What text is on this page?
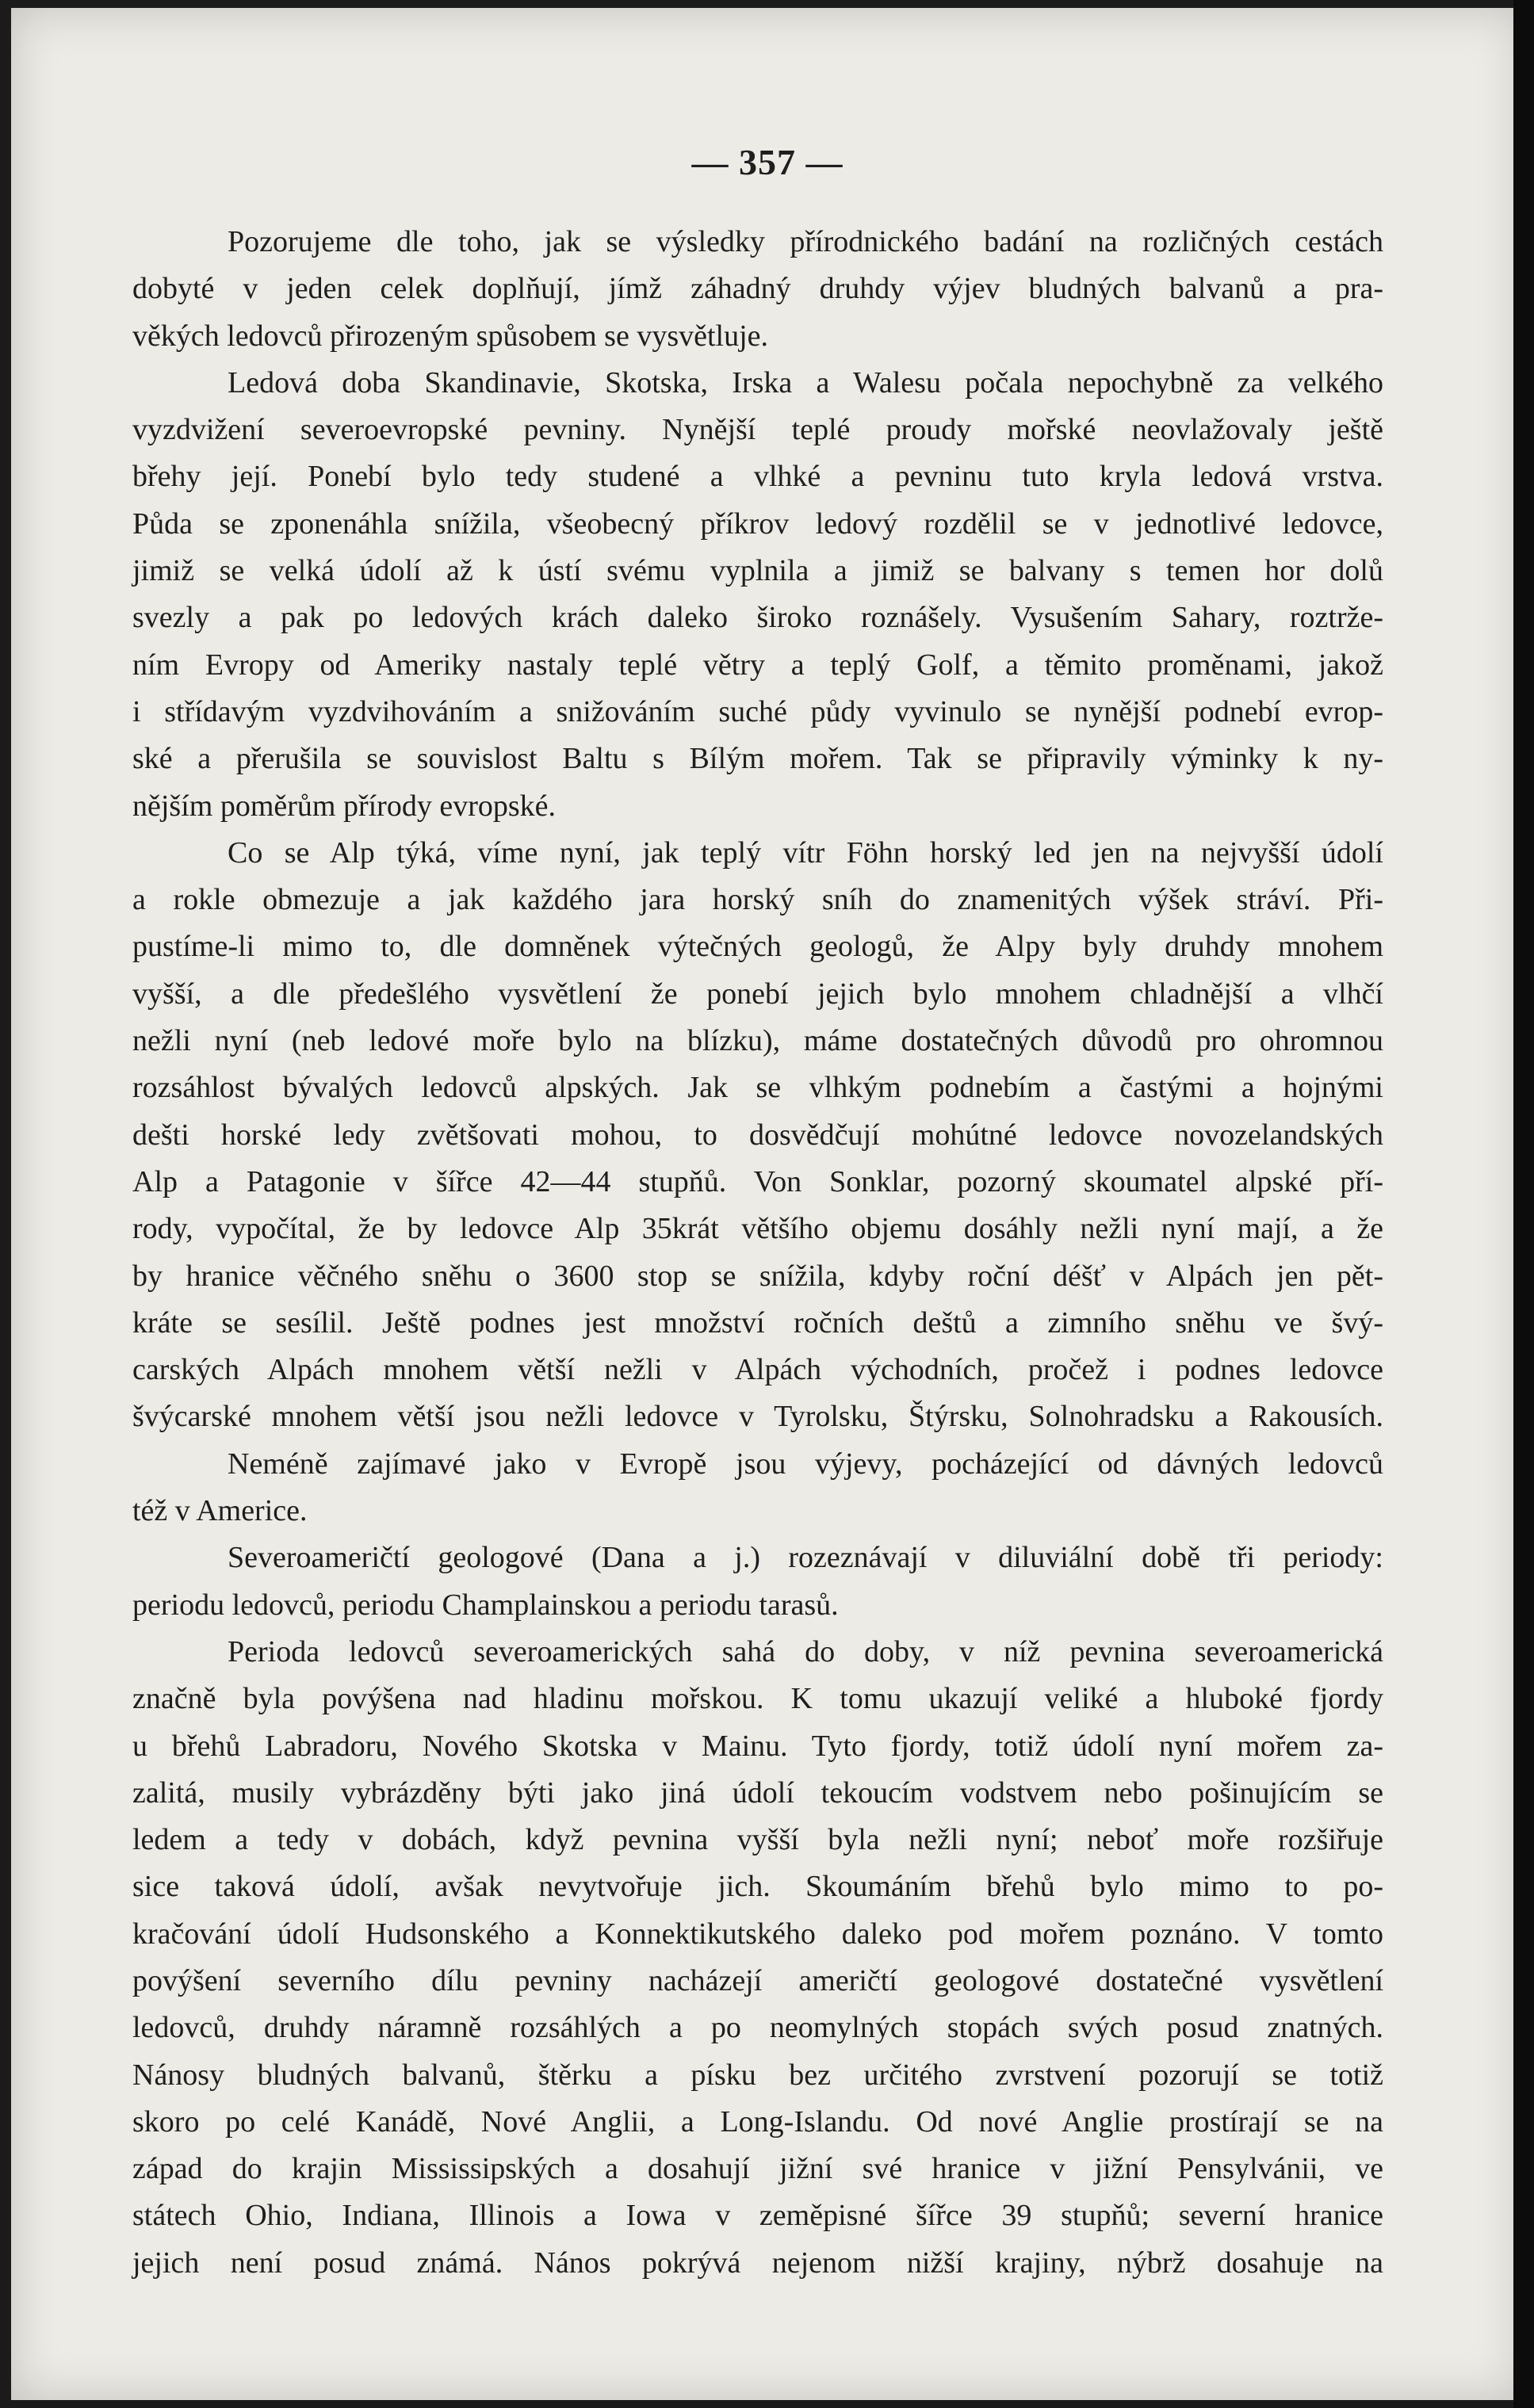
— 357 —
Pozorujeme dle toho, jak se výsledky přírodnického badání na rozličných cestách
dobyté v jeden celek doplňují, jímž záhadný druhdy výjev bludných balvanů a pra-
věkých ledovců přirozeným spůsobem se vysvětluje.
Ledová doba Skandinavie, Skotska, Irska a Walesu počala nepochybně za velkého
vyzdvižení severoevropské pevniny. Nynější teplé proudy mořské neovlažovaly ještě
břehy její. Ponebí bylo tedy studené a vlhké a pevninu tuto kryla ledová vrstva.
Půda se zponenáhla snížila, všeobecný příkrov ledový rozdělil se v jednotlivé ledovce,
jimiž se velká údolí až k ústí svému vyplnila a jimiž se balvany s temen hor dolů
svezly a pak po ledových krách daleko široko roznášely. Vysušením Sahary, roztrže-
ním Evropy od Ameriky nastaly teplé větry a teplý Golf, a těmito proměnami, jakož
i střídavým vyzdvihováním a snižováním suché půdy vyvinulo se nynější podnebí evrop-
ské a přerušila se souvislost Baltu s Bílým mořem. Tak se připravily výminky k ny-
nějším poměrům přírody evropské.
Co se Alp týká, víme nyní, jak teplý vítr Föhn horský led jen na nejvyšší údolí
a rokle obmezuje a jak každého jara horský sníh do znamenitých výšek stráví. Při-
pustíme-li mimo to, dle domněnek výtečných geologů, že Alpy byly druhdy mnohem
vyšší, a dle předešlého vysvětlení že ponebí jejich bylo mnohem chladnější a vlhčí
nežli nyní (neb ledové moře bylo na blízku), máme dostatečných důvodů pro ohromnou
rozsáhlost bývalých ledovců alpských. Jak se vlhkým podnebím a častými a hojnými
dešti horské ledy zvětšovati mohou, to dosvědčují mohútné ledovce novozelandských
Alp a Patagonie v šířce 42—44 stupňů. Von Sonklar, pozorný skoumatel alpské pří-
rody, vypočítal, že by ledovce Alp 35krát většího objemu dosáhly nežli nyní mají, a že
by hranice věčného sněhu o 3600 stop se snížila, kdyby roční déšť v Alpách jen pět-
kráte se sesílil. Ještě podnes jest množství ročních deštů a zimního sněhu ve švý-
carských Alpách mnohem větší nežli v Alpách východních, pročež i podnes ledovce
švýcarské mnohem větší jsou nežli ledovce v Tyrolsku, Štýrsku, Solnohradsku a Rakousích.
Neméně zajímavé jako v Evropě jsou výjevy, pocházející od dávných ledovců
též v Americe.
Severoameričtí geologové (Dana a j.) rozeznávají v diluviální době tři periody:
periodu ledovců, periodu Champlainskou a periodu tarasů.
Perioda ledovců severoamerických sahá do doby, v níž pevnina severoamerická
značně byla povýšena nad hladinu mořskou. K tomu ukazují veliké a hluboké fjordy
u břehů Labradoru, Nového Skotska v Mainu. Tyto fjordy, totiž údolí nyní mořem za-
zalitá, musily vybrázděny býti jako jiná údolí tekoucím vodstvem nebo pošinujícím se
ledem a tedy v dobách, když pevnina vyšší byla nežli nyní; neboť moře rozšiřuje
sice taková údolí, avšak nevytvořuje jich. Skoumáním břehů bylo mimo to po-
kračování údolí Hudsonského a Konnektikutského daleko pod mořem poznáno. V tomto
povýšení severního dílu pevniny nacházejí američtí geologové dostatečné vysvětlení
ledovců, druhdy náramně rozsáhlých a po neomylných stopách svých posud znatných.
Nánosy bludných balvanů, štěrku a písku bez určitého zvrstvení pozorují se totiž
skoro po celé Kanádě, Nové Anglii, a Long-Islandu. Od nové Anglie prostírají se na
západ do krajin Mississipských a dosahují jižní své hranice v jižní Pensylvánii, ve
státech Ohio, Indiana, Illinois a Iowa v zeměpisné šířce 39 stupňů; severní hranice
jejich není posud známá. Nános pokrývá nejenom nižší krajiny, nýbrž dosahuje na
